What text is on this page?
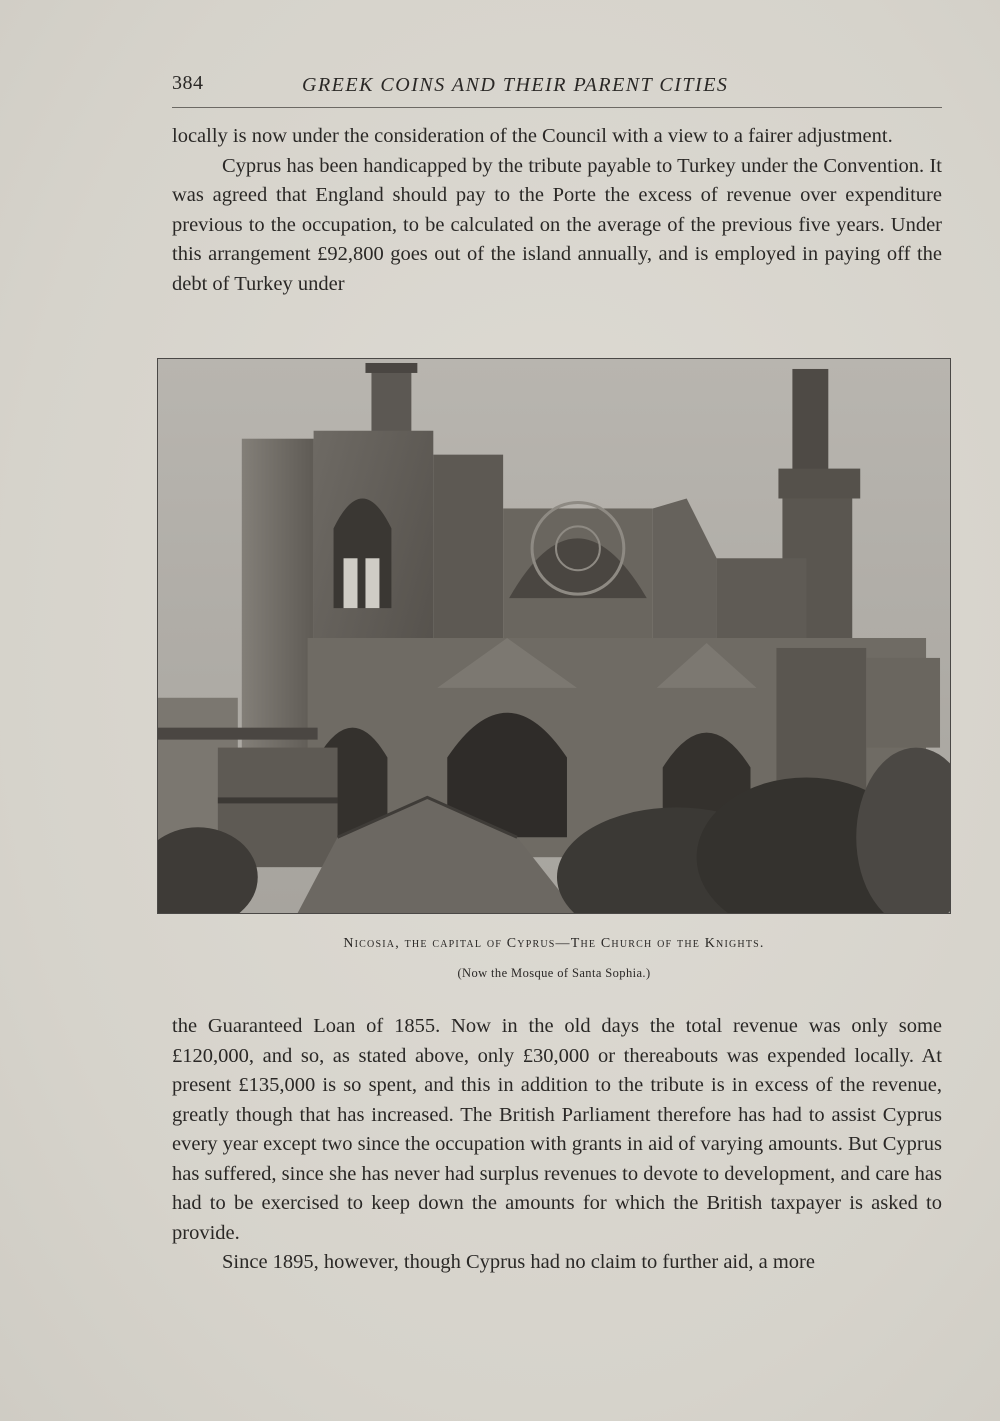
384	GREEK COINS AND THEIR PARENT CITIES

locally is now under the consideration of the Council with a view to a fairer adjustment.

Cyprus has been handicapped by the tribute payable to Turkey under the Convention. It was agreed that England should pay to the Porte the excess of revenue over expenditure previous to the occupation, to be calculated on the average of the previous five years. Under this arrangement £92,800 goes out of the island annually, and is employed in paying off the debt of Turkey under

Nicosia, the capital of Cyprus—The Church of the Knights.
(Now the Mosque of Santa Sophia.)

the Guaranteed Loan of 1855. Now in the old days the total revenue was only some £120,000, and so, as stated above, only £30,000 or thereabouts was expended locally. At present £135,000 is so spent, and this in addition to the tribute is in excess of the revenue, greatly though that has increased. The British Parliament therefore has had to assist Cyprus every year except two since the occupation with grants in aid of varying amounts. But Cyprus has suffered, since she has never had surplus revenues to devote to development, and care has had to be exercised to keep down the amounts for which the British taxpayer is asked to provide.

Since 1895, however, though Cyprus had no claim to further aid, a more
